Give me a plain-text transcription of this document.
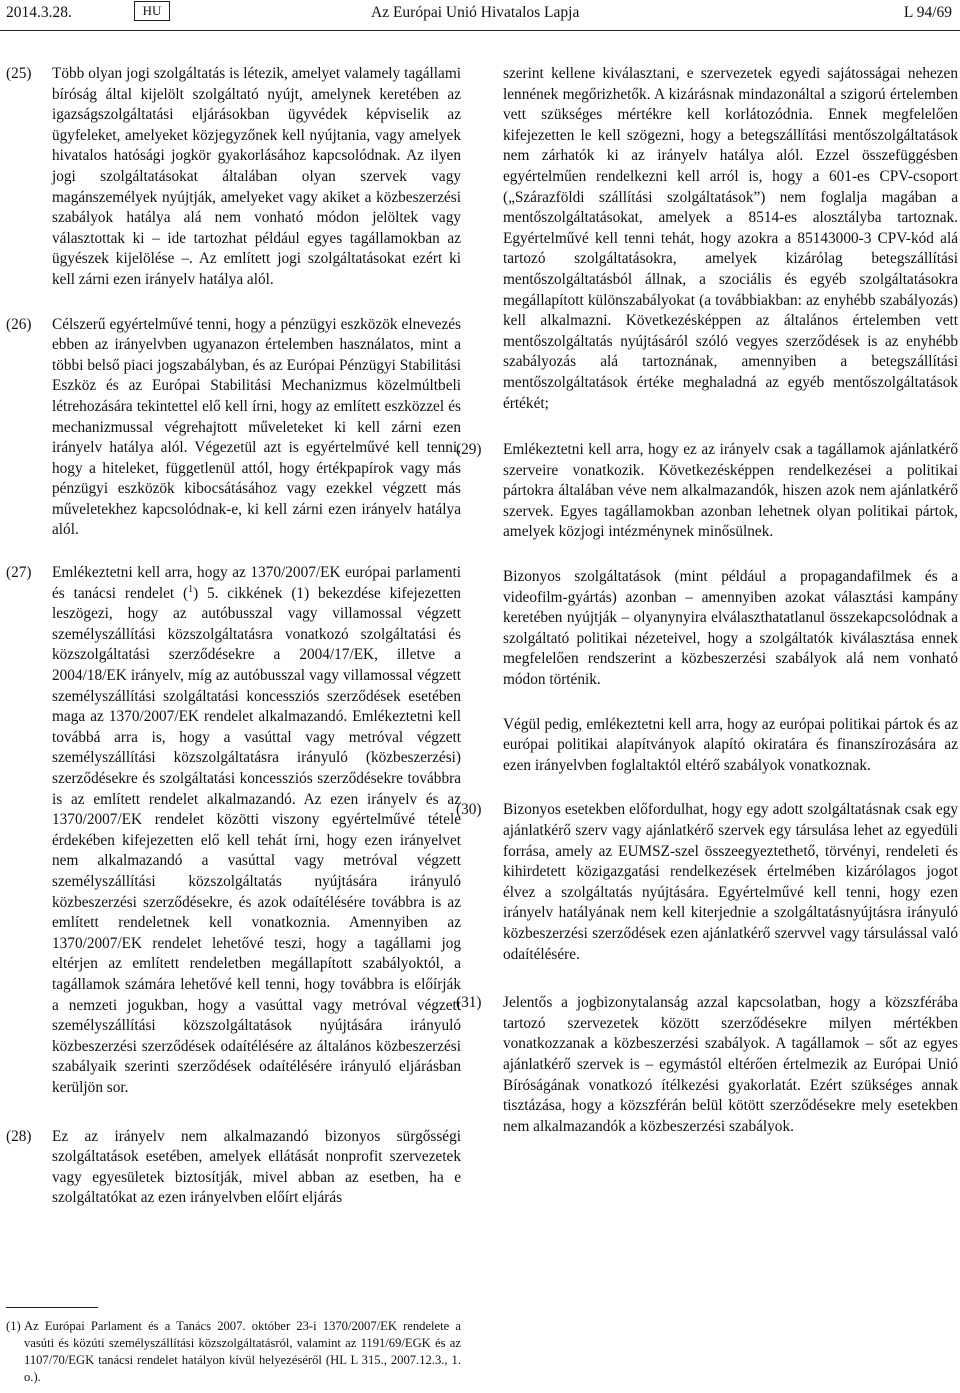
2014.3.28.	HU	Az Európai Unió Hivatalos Lapja	L 94/69
(25) Több olyan jogi szolgáltatás is létezik, amelyet valamely tagállami bíróság által kijelölt szolgáltató nyújt, amelynek keretében az igazságszolgáltatási eljárásokban ügyvédek képviselik az ügyfeleket, amelyeket közjegyzőnek kell nyújtania, vagy amelyek hivatalos hatósági jogkör gyakorlásához kapcsolódnak. Az ilyen jogi szolgáltatásokat általában olyan szervek vagy magánszemélyek nyújtják, amelyeket vagy akiket a közbeszerzési szabályok hatálya alá nem vonható módon jelöltek vagy választottak ki – ide tartozhat például egyes tagállamokban az ügyészek kijelölése –. Az említett jogi szolgáltatásokat ezért ki kell zárni ezen irányelv hatálya alól.

(26) Célszerű egyértelművé tenni, hogy a pénzügyi eszközök elnevezés ebben az irányelvben ugyanazon értelemben használatos, mint a többi belső piaci jogszabályban, és az Európai Pénzügyi Stabilitási Eszköz és az Európai Stabilitási Mechanizmus közelmúltbeli létrehozására tekintettel elő kell írni, hogy az említett eszközzel és mechanizmussal végrehajtott műveleteket ki kell zárni ezen irányelv hatálya alól. Végezetül azt is egyértelművé kell tenni, hogy a hiteleket, függetlenül attól, hogy értékpapírok vagy más pénzügyi eszközök kibocsátásához vagy ezekkel végzett más műveletekhez kapcsolódnak-e, ki kell zárni ezen irányelv hatálya alól.

(27) Emlékeztetni kell arra, hogy az 1370/2007/EK európai parlamenti és tanácsi rendelet ($^1$) 5. cikkének (1) bekezdése kifejezetten leszögezi, hogy az autóbusszal vagy villamossal végzett személyszállítási közszolgáltatásra vonatkozó szolgáltatási és közszolgáltatási szerződésekre a 2004/17/EK, illetve a 2004/18/EK irányelv, míg az autóbusszal vagy villamossal végzett személyszállítási szolgáltatási koncessziós szerződések esetében maga az 1370/2007/EK rendelet alkalmazandó. Emlékeztetni kell továbbá arra is, hogy a vasúttal vagy metróval végzett személyszállítási közszolgáltatásra irányuló (közbeszerzési) szerződésekre és szolgáltatási koncessziós szerződésekre továbbra is az említett rendelet alkalmazandó. Az ezen irányelv és az 1370/2007/EK rendelet közötti viszony egyértelművé tétele érdekében kifejezetten elő kell tehát írni, hogy ezen irányelvet nem alkalmazandó a vasúttal vagy metróval végzett személyszállítási közszolgáltatás nyújtására irányuló közbeszerzési szerződésekre, és azok odaítélésére továbbra is az említett rendeletnek kell vonatkoznia. Amennyiben az 1370/2007/EK rendelet lehetővé teszi, hogy a tagállami jog eltérjen az említett rendeletben megállapított szabályoktól, a tagállamok számára lehetővé kell tenni, hogy továbbra is előírják a nemzeti jogukban, hogy a vasúttal vagy metróval végzett személyszállítási közszolgáltatások nyújtására irányuló közbeszerzési szerződések odaítélésére az általános közbeszerzési szabályaik szerinti szerződések odaítélésére irányuló eljárásban kerüljön sor.

(28) Ez az irányelv nem alkalmazandó bizonyos sürgősségi szolgáltatások esetében, amelyek ellátását nonprofit szervezetek vagy egyesületek biztosítják, mivel abban az esetben, ha e szolgáltatókat az ezen irányelvben előírt eljárás

szerint kellene kiválasztani, e szervezetek egyedi sajátosságai nehezen lennének megőrizhetők. A kizárásnak mindazonáltal a szigorú értelemben vett szükséges mértékre kell korlátozódnia. Ennek megfelelően kifejezetten le kell szögezni, hogy a betegszállítási mentőszolgáltatások nem zárhatók ki az irányelv hatálya alól. Ezzel összefüggésben egyértelműen rendelkezni kell arról is, hogy a 601-es CPV-csoport („Szárazföldi szállítási szolgáltatások”) nem foglalja magában a mentőszolgáltatásokat, amelyek a 8514-es alosztályba tartoznak. Egyértelművé kell tenni tehát, hogy azokra a 85143000-3 CPV-kód alá tartozó szolgáltatásokra, amelyek kizárólag betegszállítási mentőszolgáltatásból állnak, a szociális és egyéb szolgáltatásokra megállapított különszabályokat (a továbbiakban: az enyhébb szabályozás) kell alkalmazni. Következésképpen az általános értelemben vett mentőszolgáltatás nyújtásáról szóló vegyes szerződések is az enyhébb szabályozás alá tartoznának, amennyiben a betegszállítási mentőszolgáltatások értéke meghaladná az egyéb mentőszolgáltatások értékét;

(29) Emlékeztetni kell arra, hogy ez az irányelv csak a tagállamok ajánlatkérő szerveire vonatkozik. Következésképpen rendelkezései a politikai pártokra általában véve nem alkalmazandók, hiszen azok nem ajánlatkérő szervek. Egyes tagállamokban azonban lehetnek olyan politikai pártok, amelyek közjogi intézménynek minősülnek.

Bizonyos szolgáltatások (mint például a propagandafilmek és a videofilm-gyártás) azonban – amennyiben azokat választási kampány keretében nyújtják – olyanynyira elválaszthatatlanul összekapcsolódnak a szolgáltató politikai nézeteivel, hogy a szolgáltatók kiválasztása ennek megfelelően rendszerint a közbeszerzési szabályok alá nem vonható módon történik.

Végül pedig, emlékeztetni kell arra, hogy az európai politikai pártok és az európai politikai alapítványok alapító okiratára és finanszírozására az ezen irányelvben foglaltaktól eltérő szabályok vonatkoznak.

(30) Bizonyos esetekben előfordulhat, hogy egy adott szolgáltatásnak csak egy ajánlatkérő szerv vagy ajánlatkérő szervek egy társulása lehet az egyedüli forrása, amely az EUMSZ-szel összeegyeztethető, törvényi, rendeleti és kihirdetett közigazgatási rendelkezések értelmében kizárólagos jogot élvez a szolgáltatás nyújtására. Egyértelművé kell tenni, hogy ezen irányelv hatályának nem kell kiterjednie a szolgáltatásnyújtásra irányuló közbeszerzési szerződések ezen ajánlatkérő szervvel vagy társulással való odaítélésére.

(31) Jelentős a jogbizonytalanság azzal kapcsolatban, hogy a közszférába tartozó szervezetek között szerződésekre milyen mértékben vonatkozzanak a közbeszerzési szabályok. A tagállamok – sőt az egyes ajánlatkérő szervek is – egymástól eltérően értelmezik az Európai Unió Bíróságának vonatkozó ítélkezési gyakorlatát. Ezért szükséges annak tisztázása, hogy a közszférán belül kötött szerződésekre mely esetekben nem alkalmazandók a közbeszerzési szabályok.

(1) Az Európai Parlament és a Tanács 2007. október 23-i 1370/2007/EK rendelete a vasúti és közúti személyszállítási közszolgáltatásról, valamint az 1191/69/EGK és az 1107/70/EGK tanácsi rendelet hatályon kívül helyezéséről (HL L 315., 2007.12.3., 1. o.).
